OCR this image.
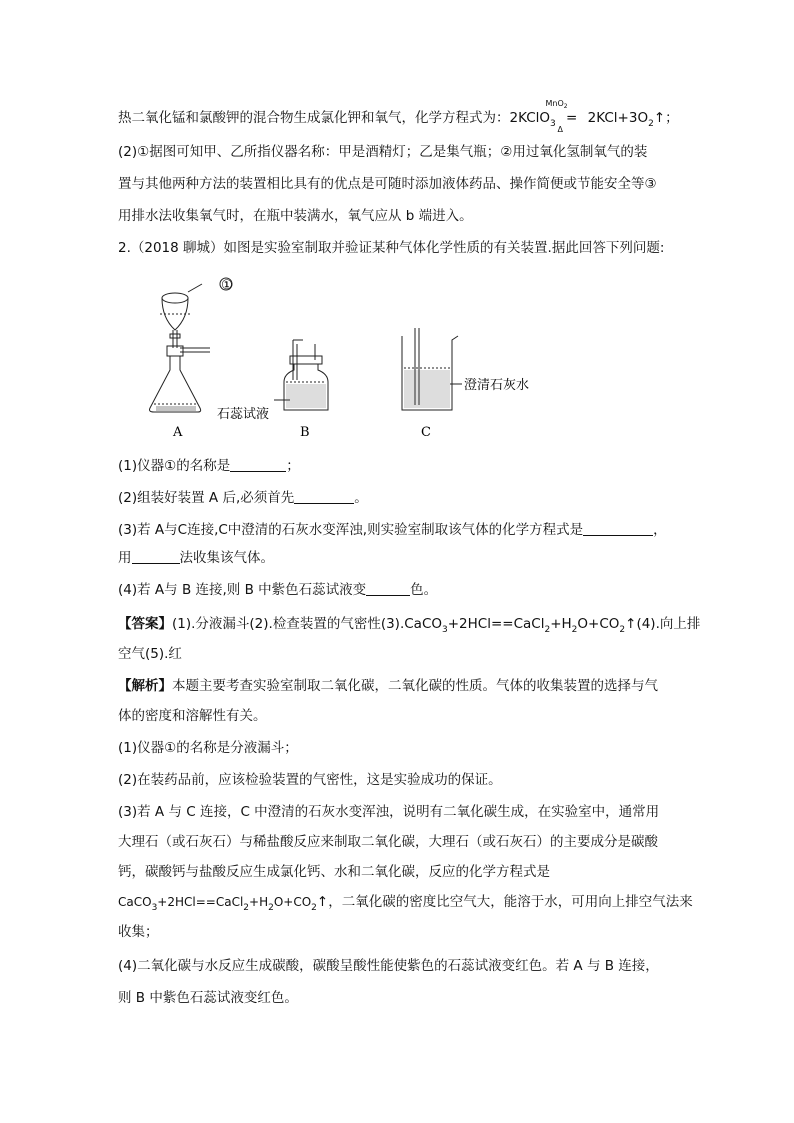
热二氧化锰和氯酸钾的混合物生成氯化钾和氧气，化学方程式为：2KClO$_3$
MnO$_2$
=
Δ
$2KCl+3O_2↑$；
(2)①据图可知甲、乙所指仪器名称：甲是酒精灯；乙是集气瓶；②用过氧化氢制氧气的装
置与其他两种方法的装置相比具有的优点是可随时添加液体药品、操作简便或节能安全等③
用排水法收集氧气时，在瓶中装满水，氧气应从 b 端进入。
2.（2018 聊城）如图是实验室制取并验证某种气体化学性质的有关装置.据此回答下列问题:
①
石蕊试液
澄清石灰水
A	B	C
(1)仪器①的名称是	；
(2)组装好装置 A 后,必须首先	。
(3)若 A与C连接,C中澄清的石灰水变浑浊,则实验室制取该气体的化学方程式是	，
用	法收集该气体。
(4)若 A与 B 连接,则 B 中紫色石蕊试液变	色。
【答案】(1).分液漏斗(2).检查装置的气密性$(3).CaCO_3+2HCl==CaCl_2+H_2O+CO_2↑(4)$.向上排
空气(5).红
【解析】本题主要考查实验室制取二氧化碳，二氧化碳的性质。气体的收集装置的选择与气
体的密度和溶解性有关。
(1)仪器①的名称是分液漏斗；
(2)在装药品前，应该检验装置的气密性，这是实验成功的保证。
(3)若 A 与 C 连接，C 中澄清的石灰水变浑浊，说明有二氧化碳生成，在实验室中，通常用
大理石（或石灰石）与稀盐酸反应来制取二氧化碳，大理石（或石灰石）的主要成分是碳酸
钙，碳酸钙与盐酸反应生成氯化钙、水和二氧化碳，反应的化学方程式是
$CaCO_3+2HCl==CaCl_2+H_2O+CO_2↑$，二氧化碳的密度比空气大，能溶于水，可用向上排空气法来
收集；
(4)二氧化碳与水反应生成碳酸，碳酸呈酸性能使紫色的石蕊试液变红色。若 A 与 B 连接，
则 B 中紫色石蕊试液变红色。
